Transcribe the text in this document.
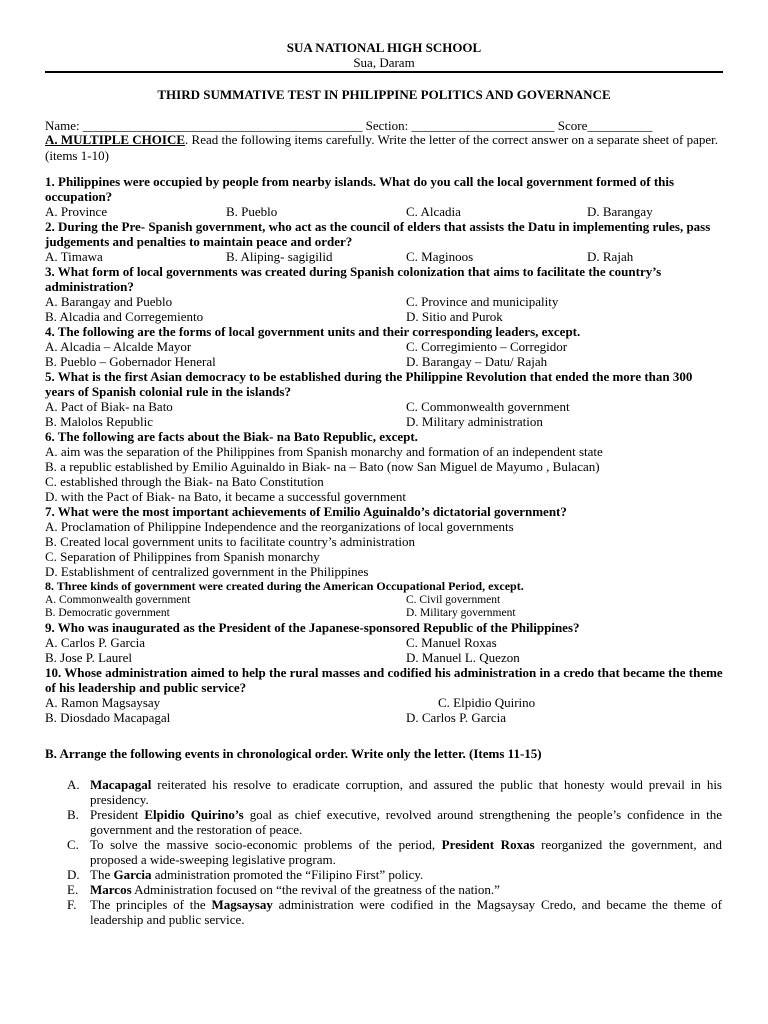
SUA NATIONAL HIGH SCHOOL
Sua, Daram
THIRD SUMMATIVE TEST IN PHILIPPINE POLITICS AND GOVERNANCE
Name: ___________________________________________ Section: ______________________ Score__________
A. MULTIPLE CHOICE. Read the following items carefully. Write the letter of the correct answer on a separate sheet of paper. (items 1-10)
1. Philippines were occupied by people from nearby islands. What do you call the local government formed of this occupation?
A. Province	B. Pueblo	C. Alcadia	D. Barangay
2. During the Pre- Spanish government, who act as the council of elders that assists the Datu in implementing rules, pass judgements and penalties to maintain peace and order?
A. Timawa	B. Aliping- sagigilid	C. Maginoos	D. Rajah
3. What form of local governments was created during Spanish colonization that aims to facilitate the country’s administration?
A. Barangay and Pueblo	C. Province and municipality
B. Alcadia and Corregemiento	D. Sitio and Purok
4. The following are the forms of local government units and their corresponding leaders, except.
A. Alcadia – Alcalde Mayor	C. Corregimiento – Corregidor
B. Pueblo – Gobernador Heneral	D. Barangay – Datu/ Rajah
5. What is the first Asian democracy to be established during the Philippine Revolution that ended the more than 300 years of Spanish colonial rule in the islands?
A. Pact of Biak- na Bato	C. Commonwealth government
B. Malolos Republic	D. Military administration
6. The following are facts about the Biak- na Bato Republic, except.
A. aim was the separation of the Philippines from Spanish monarchy and formation of an independent state
B. a republic established by Emilio Aguinaldo in Biak- na – Bato (now San Miguel de Mayumo , Bulacan)
C. established through the Biak- na Bato Constitution
D. with the Pact of Biak- na Bato, it became a successful government
7. What were the most important achievements of Emilio Aguinaldo’s dictatorial government?
A. Proclamation of Philippine Independence and the reorganizations of local governments
B. Created local government units to facilitate country’s administration
C. Separation of Philippines from Spanish monarchy
D. Establishment of centralized government in the Philippines
8. Three kinds of government were created during the American Occupational Period, except.
A. Commonwealth government	C. Civil government
B. Democratic government	D. Military government
9. Who was inaugurated as the President of the Japanese-sponsored Republic of the Philippines?
A. Carlos P. Garcia	C. Manuel Roxas
B. Jose P. Laurel	D. Manuel L. Quezon
10. Whose administration aimed to help the rural masses and codified his administration in a credo that became the theme of his leadership and public service?
A. Ramon Magsaysay	C. Elpidio Quirino
B. Diosdado Macapagal	D. Carlos P. Garcia
B. Arrange the following events in chronological order. Write only the letter. (Items 11-15)
A. Macapagal reiterated his resolve to eradicate corruption, and assured the public that honesty would prevail in his presidency.
B. President Elpidio Quirino’s goal as chief executive, revolved around strengthening the people’s confidence in the government and the restoration of peace.
C. To solve the massive socio-economic problems of the period, President Roxas reorganized the government, and proposed a wide-sweeping legislative program.
D. The Garcia administration promoted the “Filipino First” policy.
E. Marcos Administration focused on “the revival of the greatness of the nation.”
F. The principles of the Magsaysay administration were codified in the Magsaysay Credo, and became the theme of leadership and public service.
